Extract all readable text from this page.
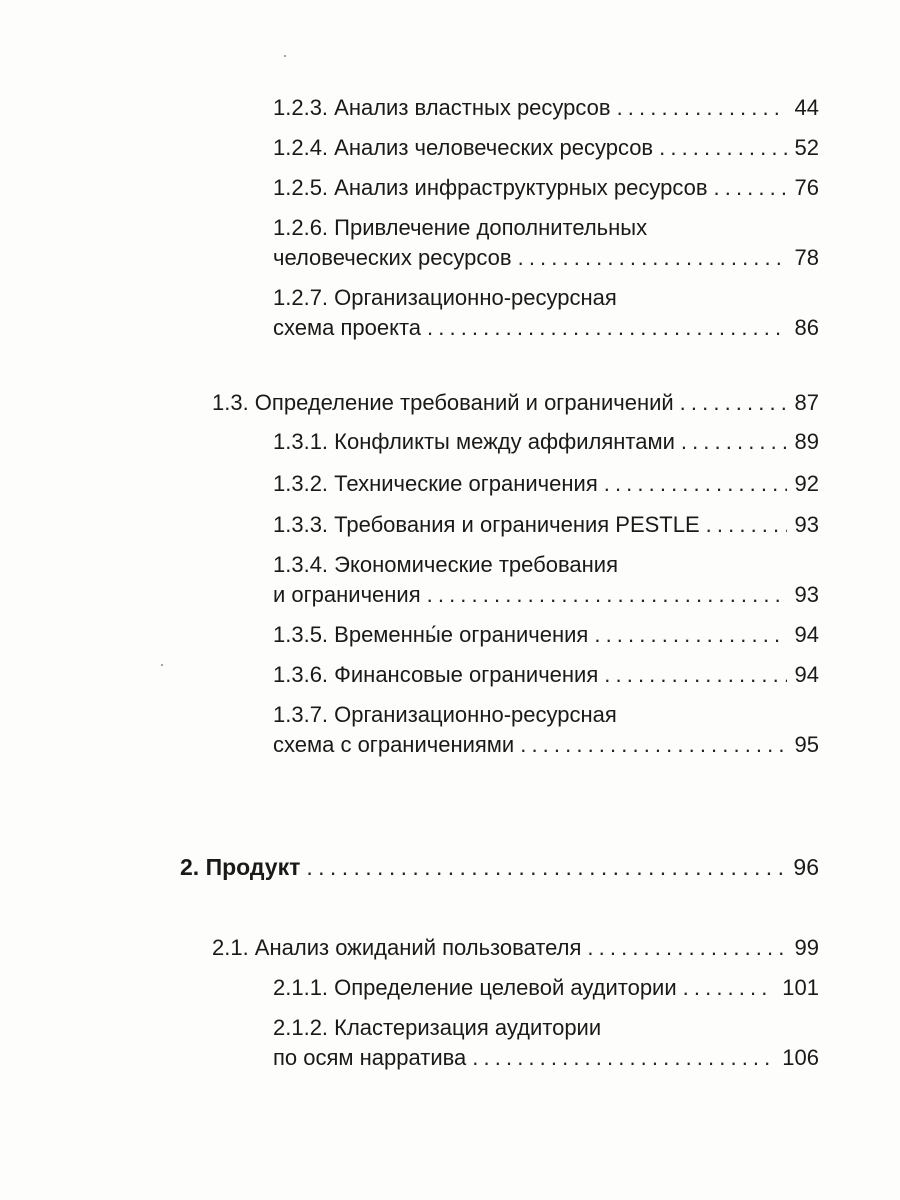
1.2.3. Анализ властных ресурсов . . .	44
1.2.4. Анализ человеческих ресурсов . . .	52
1.2.5. Анализ инфраструктурных ресурсов . . .	76
1.2.6. Привлечение дополнительных
человеческих ресурсов . . .	78
1.2.7. Организационно-ресурсная
схема проекта . . .	86
1.3. Определение требований и ограничений . . .	87
1.3.1. Конфликты между аффилянтами . . .	89
1.3.2. Технические ограничения . . .	92
1.3.3. Требования и ограничения PESTLE . . .	93
1.3.4. Экономические требования
и ограничения . . .	93
1.3.5. Временны́е ограничения . . .	94
1.3.6. Финансовые ограничения . . .	94
1.3.7. Организационно-ресурсная
схема с ограничениями . . .	95
2. Продукт . . .	96
2.1. Анализ ожиданий пользователя . . .	99
2.1.1. Определение целевой аудитории . . .	101
2.1.2. Кластеризация аудитории
по осям нарратива . . .	106
